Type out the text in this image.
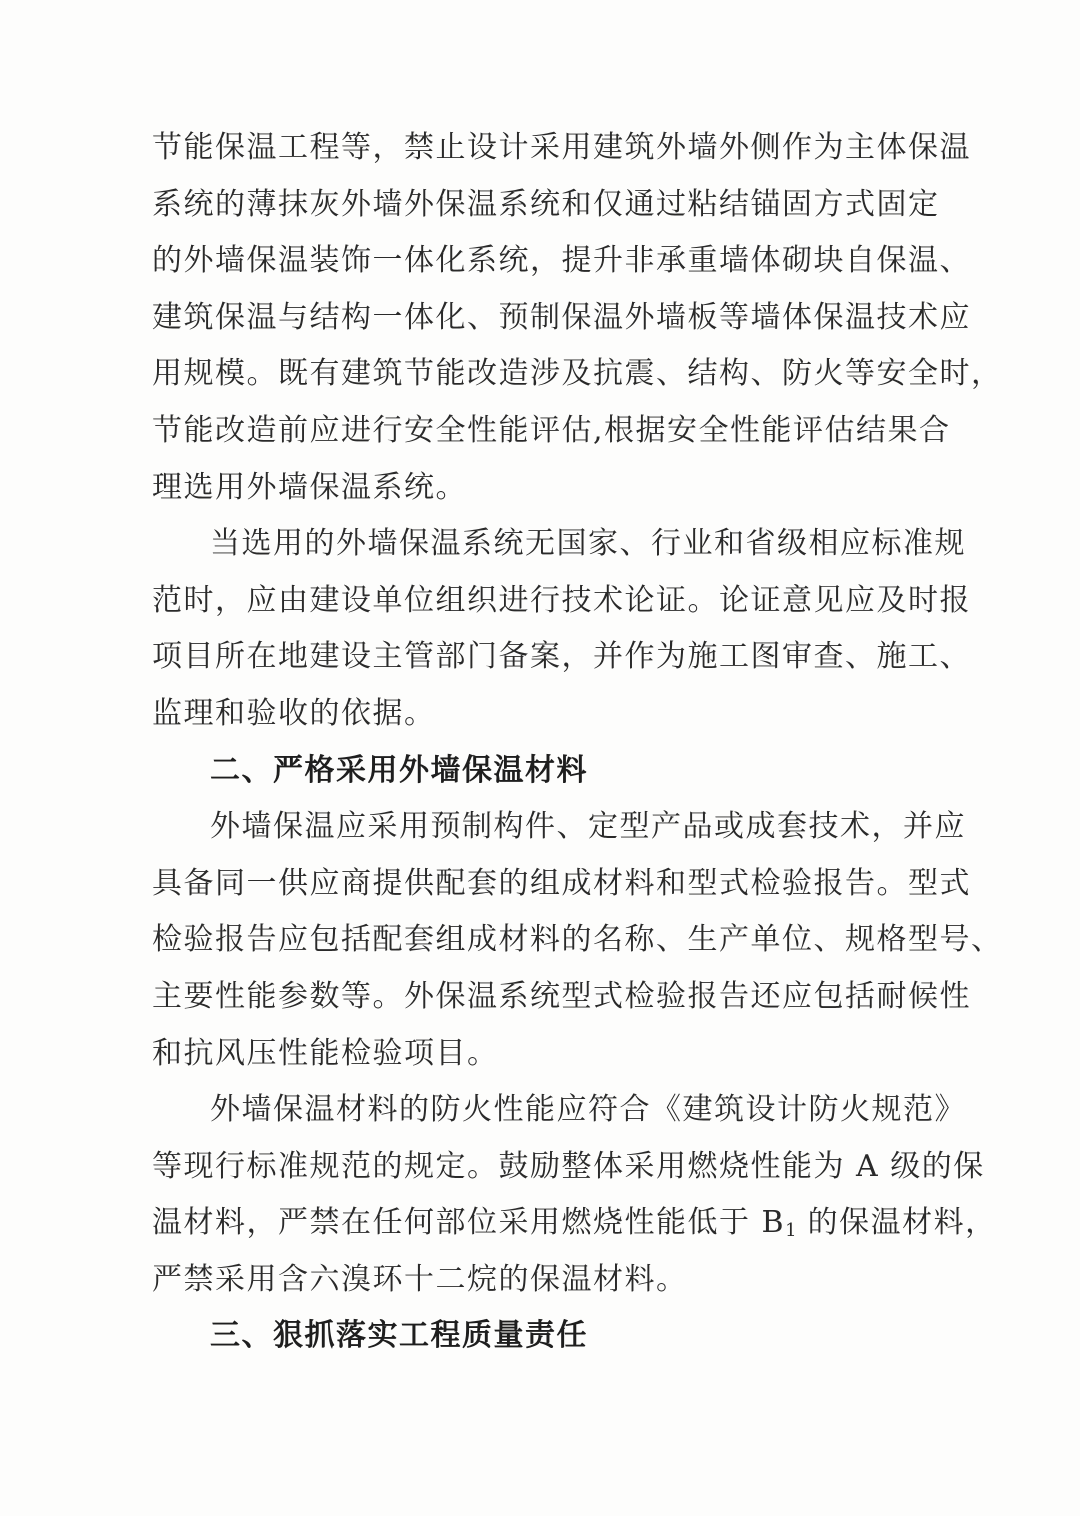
节能保温工程等，禁止设计采用建筑外墙外侧作为主体保温
系统的薄抹灰外墙外保温系统和仅通过粘结锚固方式固定
的外墙保温装饰一体化系统，提升非承重墙体砌块自保温、
建筑保温与结构一体化、预制保温外墙板等墙体保温技术应
用规模。既有建筑节能改造涉及抗震、结构、防火等安全时，
节能改造前应进行安全性能评估,根据安全性能评估结果合
理选用外墙保温系统。
当选用的外墙保温系统无国家、行业和省级相应标准规
范时，应由建设单位组织进行技术论证。论证意见应及时报
项目所在地建设主管部门备案，并作为施工图审查、施工、
监理和验收的依据。
二、严格采用外墙保温材料
外墙保温应采用预制构件、定型产品或成套技术，并应
具备同一供应商提供配套的组成材料和型式检验报告。型式
检验报告应包括配套组成材料的名称、生产单位、规格型号、
主要性能参数等。外保温系统型式检验报告还应包括耐候性
和抗风压性能检验项目。
外墙保温材料的防火性能应符合《建筑设计防火规范》
等现行标准规范的规定。鼓励整体采用燃烧性能为 A 级的保
温材料，严禁在任何部位采用燃烧性能低于 $B_1$ 的保温材料，
严禁采用含六溴环十二烷的保温材料。
三、狠抓落实工程质量责任
